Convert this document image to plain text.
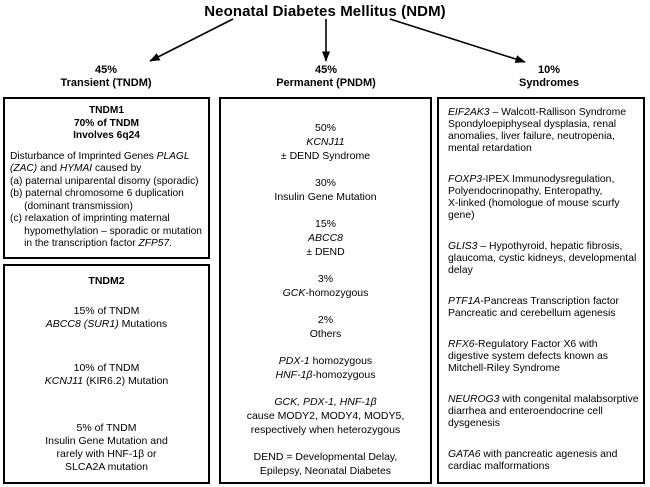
Neonatal Diabetes Mellitus (NDM)
45%
Transient (TNDM)
45%
Permanent (PNDM)
10%
Syndromes
TNDM1
70% of TNDM
Involves 6q24
Disturbance of Imprinted Genes PLAGL
(ZAC) and HYMAI caused by
(a) paternal uniparental disomy (sporadic)
(b) paternal chromosome 6 duplication
(dominant transmission)
(c) relaxation of imprinting maternal
hypomethylation – sporadic or mutation
in the transcription factor ZFP57.
TNDM2
15% of TNDM
ABCC8 (SUR1) Mutations
10% of TNDM
KCNJ11 (KIR6.2) Mutation
5% of TNDM
Insulin Gene Mutation and
rarely with HNF-1β or
SLCA2A mutation
50%
KCNJ11
± DEND Syndrome
30%
Insulin Gene Mutation
15%
ABCC8
± DEND
3%
GCK-homozygous
2%
Others
PDX-1 homozygous
HNF-1β-homozygous
GCK, PDX-1, HNF-1β
cause MODY2, MODY4, MODY5,
respectively when heterozygous
DEND = Developmental Delay,
Epilepsy, Neonatal Diabetes
EIF2AK3 – Walcott-Rallison Syndrome
Spondyloepiphyseal dysplasia, renal
anomalies, liver failure, neutropenia,
mental retardation
FOXP3-IPEX Immunodysregulation,
Polyendocrinopathy, Enteropathy,
X-linked (homologue of mouse scurfy
gene)
GLIS3 – Hypothyroid, hepatic fibrosis,
glaucoma, cystic kidneys, developmental
delay
PTF1A-Pancreas Transcription factor
Pancreatic and cerebellum agenesis
RFX6-Regulatory Factor X6 with
digestive system defects known as
Mitchell-Riley Syndrome
NEUROG3 with congenital malabsorptive
diarrhea and enteroendocrine cell
dysgenesis
GATA6 with pancreatic agenesis and
cardiac malformations
